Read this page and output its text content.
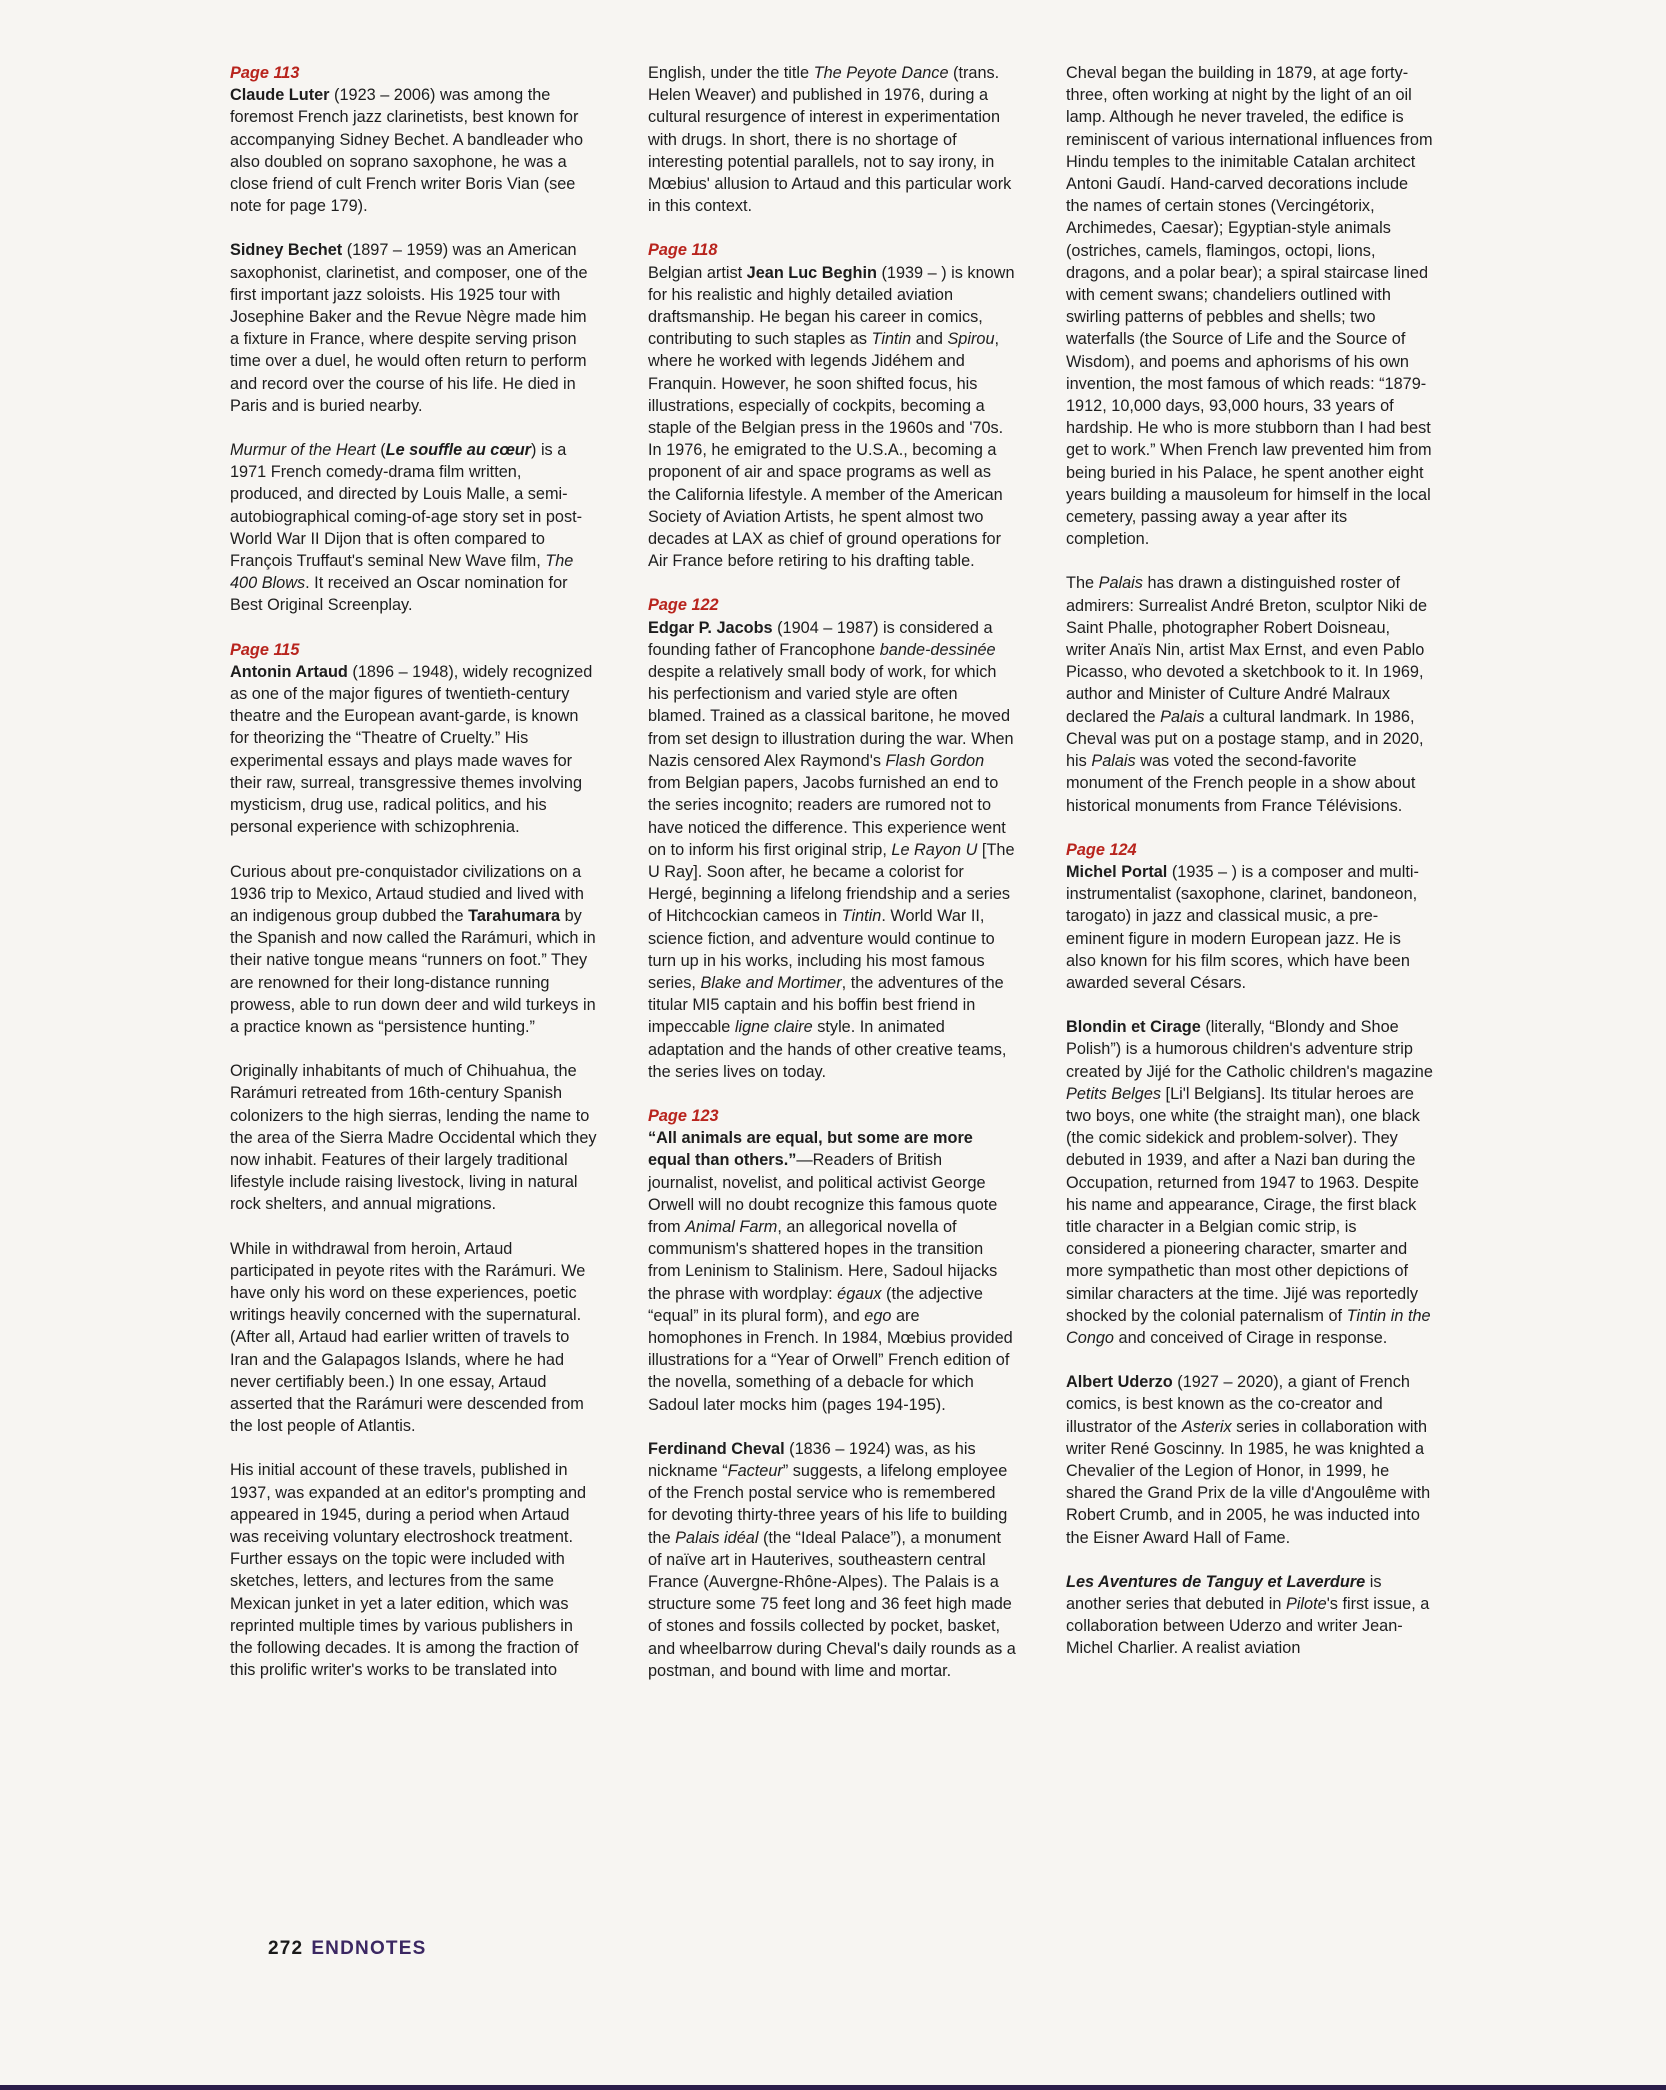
Page 113

Claude Luter (1923 – 2006) was among the foremost French jazz clarinetists, best known for accompanying Sidney Bechet. A bandleader who also doubled on soprano saxophone, he was a close friend of cult French writer Boris Vian (see note for page 179).

Sidney Bechet (1897 – 1959) was an American saxophonist, clarinetist, and composer, one of the first important jazz soloists. His 1925 tour with Josephine Baker and the Revue Nègre made him a fixture in France, where despite serving prison time over a duel, he would often return to perform and record over the course of his life. He died in Paris and is buried nearby.

Murmur of the Heart (Le souffle au cœur) is a 1971 French comedy-drama film written, produced, and directed by Louis Malle, a semi-autobiographical coming-of-age story set in post-World War II Dijon that is often compared to François Truffaut's seminal New Wave film, The 400 Blows. It received an Oscar nomination for Best Original Screenplay.

Page 115

Antonin Artaud (1896 – 1948), widely recognized as one of the major figures of twentieth-century theatre and the European avant-garde, is known for theorizing the “Theatre of Cruelty.” His experimental essays and plays made waves for their raw, surreal, transgressive themes involving mysticism, drug use, radical politics, and his personal experience with schizophrenia.

Curious about pre-conquistador civilizations on a 1936 trip to Mexico, Artaud studied and lived with an indigenous group dubbed the Tarahumara by the Spanish and now called the Rarámuri, which in their native tongue means “runners on foot.” They are renowned for their long-distance running prowess, able to run down deer and wild turkeys in a practice known as “persistence hunting.”

Originally inhabitants of much of Chihuahua, the Rarámuri retreated from 16th-century Spanish colonizers to the high sierras, lending the name to the area of the Sierra Madre Occidental which they now inhabit. Features of their largely traditional lifestyle include raising livestock, living in natural rock shelters, and annual migrations.

While in withdrawal from heroin, Artaud participated in peyote rites with the Rarámuri. We have only his word on these experiences, poetic writings heavily concerned with the supernatural. (After all, Artaud had earlier written of travels to Iran and the Galapagos Islands, where he had never certifiably been.) In one essay, Artaud asserted that the Rarámuri were descended from the lost people of Atlantis.

His initial account of these travels, published in 1937, was expanded at an editor's prompting and appeared in 1945, during a period when Artaud was receiving voluntary electroshock treatment. Further essays on the topic were included with sketches, letters, and lectures from the same Mexican junket in yet a later edition, which was reprinted multiple times by various publishers in the following decades. It is among the fraction of this prolific writer's works to be translated into

English, under the title The Peyote Dance (trans. Helen Weaver) and published in 1976, during a cultural resurgence of interest in experimentation with drugs. In short, there is no shortage of interesting potential parallels, not to say irony, in Mœbius' allusion to Artaud and this particular work in this context.

Page 118

Belgian artist Jean Luc Beghin (1939 – ) is known for his realistic and highly detailed aviation draftsmanship. He began his career in comics, contributing to such staples as Tintin and Spirou, where he worked with legends Jidéhem and Franquin. However, he soon shifted focus, his illustrations, especially of cockpits, becoming a staple of the Belgian press in the 1960s and '70s. In 1976, he emigrated to the U.S.A., becoming a proponent of air and space programs as well as the California lifestyle. A member of the American Society of Aviation Artists, he spent almost two decades at LAX as chief of ground operations for Air France before retiring to his drafting table.

Page 122

Edgar P. Jacobs (1904 – 1987) is considered a founding father of Francophone bande-dessinée despite a relatively small body of work, for which his perfectionism and varied style are often blamed. Trained as a classical baritone, he moved from set design to illustration during the war. When Nazis censored Alex Raymond's Flash Gordon from Belgian papers, Jacobs furnished an end to the series incognito; readers are rumored not to have noticed the difference. This experience went on to inform his first original strip, Le Rayon U [The U Ray]. Soon after, he became a colorist for Hergé, beginning a lifelong friendship and a series of Hitchcockian cameos in Tintin. World War II, science fiction, and adventure would continue to turn up in his works, including his most famous series, Blake and Mortimer, the adventures of the titular MI5 captain and his boffin best friend in impeccable ligne claire style. In animated adaptation and the hands of other creative teams, the series lives on today.

Page 123

“All animals are equal, but some are more equal than others.”—Readers of British journalist, novelist, and political activist George Orwell will no doubt recognize this famous quote from Animal Farm, an allegorical novella of communism's shattered hopes in the transition from Leninism to Stalinism. Here, Sadoul hijacks the phrase with wordplay: égaux (the adjective “equal” in its plural form), and ego are homophones in French. In 1984, Mœbius provided illustrations for a “Year of Orwell” French edition of the novella, something of a debacle for which Sadoul later mocks him (pages 194-195).

Ferdinand Cheval (1836 – 1924) was, as his nickname “Facteur” suggests, a lifelong employee of the French postal service who is remembered for devoting thirty-three years of his life to building the Palais idéal (the “Ideal Palace”), a monument of naïve art in Hauterives, southeastern central France (Auvergne-Rhône-Alpes). The Palais is a structure some 75 feet long and 36 feet high made of stones and fossils collected by pocket, basket, and wheelbarrow during Cheval's daily rounds as a postman, and bound with lime and mortar.

Cheval began the building in 1879, at age forty-three, often working at night by the light of an oil lamp. Although he never traveled, the edifice is reminiscent of various international influences from Hindu temples to the inimitable Catalan architect Antoni Gaudí. Hand-carved decorations include the names of certain stones (Vercingétorix, Archimedes, Caesar); Egyptian-style animals (ostriches, camels, flamingos, octopi, lions, dragons, and a polar bear); a spiral staircase lined with cement swans; chandeliers outlined with swirling patterns of pebbles and shells; two waterfalls (the Source of Life and the Source of Wisdom), and poems and aphorisms of his own invention, the most famous of which reads: “1879-1912, 10,000 days, 93,000 hours, 33 years of hardship. He who is more stubborn than I had best get to work.” When French law prevented him from being buried in his Palace, he spent another eight years building a mausoleum for himself in the local cemetery, passing away a year after its completion.

The Palais has drawn a distinguished roster of admirers: Surrealist André Breton, sculptor Niki de Saint Phalle, photographer Robert Doisneau, writer Anaïs Nin, artist Max Ernst, and even Pablo Picasso, who devoted a sketchbook to it. In 1969, author and Minister of Culture André Malraux declared the Palais a cultural landmark. In 1986, Cheval was put on a postage stamp, and in 2020, his Palais was voted the second-favorite monument of the French people in a show about historical monuments from France Télévisions.

Page 124

Michel Portal (1935 – ) is a composer and multi-instrumentalist (saxophone, clarinet, bandoneon, tarogato) in jazz and classical music, a pre-eminent figure in modern European jazz. He is also known for his film scores, which have been awarded several Césars.

Blondin et Cirage (literally, “Blondy and Shoe Polish”) is a humorous children's adventure strip created by Jijé for the Catholic children's magazine Petits Belges [Li'l Belgians]. Its titular heroes are two boys, one white (the straight man), one black (the comic sidekick and problem-solver). They debuted in 1939, and after a Nazi ban during the Occupation, returned from 1947 to 1963. Despite his name and appearance, Cirage, the first black title character in a Belgian comic strip, is considered a pioneering character, smarter and more sympathetic than most other depictions of similar characters at the time. Jijé was reportedly shocked by the colonial paternalism of Tintin in the Congo and conceived of Cirage in response.

Albert Uderzo (1927 – 2020), a giant of French comics, is best known as the co-creator and illustrator of the Asterix series in collaboration with writer René Goscinny. In 1985, he was knighted a Chevalier of the Legion of Honor, in 1999, he shared the Grand Prix de la ville d'Angoulême with Robert Crumb, and in 2005, he was inducted into the Eisner Award Hall of Fame.

Les Aventures de Tanguy et Laverdure is another series that debuted in Pilote's first issue, a collaboration between Uderzo and writer Jean-Michel Charlier. A realist aviation

272 ENDNOTES
